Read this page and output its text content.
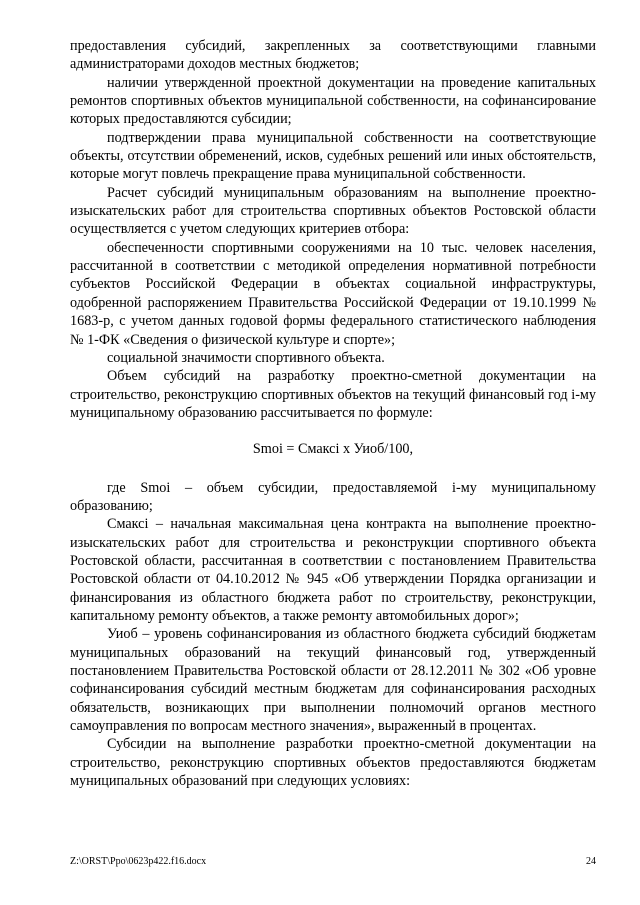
предоставления субсидий, закрепленных за соответствующими главными администраторами доходов местных бюджетов;

наличии утвержденной проектной документации на проведение капитальных ремонтов спортивных объектов муниципальной собственности, на софинансирование которых предоставляются субсидии;

подтверждении права муниципальной собственности на соответствующие объекты, отсутствии обременений, исков, судебных решений или иных обстоятельств, которые могут повлечь прекращение права муниципальной собственности.

Расчет субсидий муниципальным образованиям на выполнение проектно-изыскательских работ для строительства спортивных объектов Ростовской области осуществляется с учетом следующих критериев отбора:

обеспеченности спортивными сооружениями на 10 тыс. человек населения, рассчитанной в соответствии с методикой определения нормативной потребности субъектов Российской Федерации в объектах социальной инфраструктуры, одобренной распоряжением Правительства Российской Федерации от 19.10.1999 № 1683-р, с учетом данных годовой формы федерального статистического наблюдения № 1-ФК «Сведения о физической культуре и спорте»;

социальной значимости спортивного объекта.

Объем субсидий на разработку проектно-сметной документации на строительство, реконструкцию спортивных объектов на текущий финансовый год i-му муниципальному образованию рассчитывается по формуле:

Smoi = Смаксi x Уиоб/100,

где Smoi – объем субсидии, предоставляемой i-му муниципальному образованию;

Смаксi – начальная максимальная цена контракта на выполнение проектно-изыскательских работ для строительства и реконструкции спортивного объекта Ростовской области, рассчитанная в соответствии с постановлением Правительства Ростовской области от 04.10.2012 № 945 «Об утверждении Порядка организации и финансирования из областного бюджета работ по строительству, реконструкции, капитальному ремонту объектов, а также ремонту автомобильных дорог»;

Уиоб – уровень софинансирования из областного бюджета субсидий бюджетам муниципальных образований на текущий финансовый год, утвержденный постановлением Правительства Ростовской области от 28.12.2011 № 302 «Об уровне софинансирования субсидий местным бюджетам для софинансирования расходных обязательств, возникающих при выполнении полномочий органов местного самоуправления по вопросам местного значения», выраженный в процентах.

Субсидии на выполнение разработки проектно-сметной документации на строительство, реконструкцию спортивных объектов предоставляются бюджетам муниципальных образований при следующих условиях:

Z:\ORST\Ppo\0623p422.f16.docx	24
